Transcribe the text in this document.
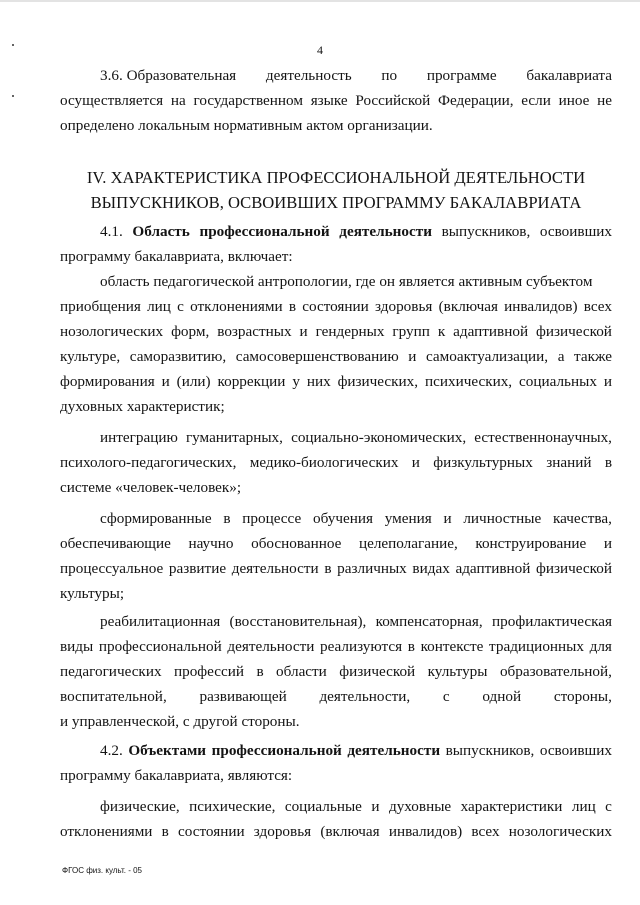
4
3.6. Образовательная деятельность по программе бакалавриата
осуществляется на государственном языке Российской Федерации, если иное не
определено локальным нормативным актом организации.
IV. ХАРАКТЕРИСТИКА ПРОФЕССИОНАЛЬНОЙ ДЕЯТЕЛЬНОСТИ
ВЫПУСКНИКОВ, ОСВОИВШИХ ПРОГРАММУ БАКАЛАВРИАТА
4.1. Область профессиональной деятельности выпускников, освоивших
программу бакалавриата, включает:
область педагогической антропологии, где он является активным субъектом
приобщения лиц с отклонениями в состоянии здоровья (включая инвалидов) всех
нозологических форм, возрастных и гендерных групп к адаптивной физической
культуре, саморазвитию, самосовершенствованию и самоактуализации, а также
формирования и (или) коррекции у них физических, психических, социальных и
духовных характеристик;
интеграцию гуманитарных, социально-экономических, естественнонаучных,
психолого-педагогических, медико-биологических и физкультурных знаний в
системе «человек-человек»;
сформированные в процессе обучения умения и личностные качества,
обеспечивающие научно обоснованное целеполагание, конструирование и
процессуальное развитие деятельности в различных видах адаптивной физической
культуры;
реабилитационная (восстановительная), компенсаторная, профилактическая
виды профессиональной деятельности реализуются в контексте традиционных для
педагогических профессий в области физической культуры образовательной,
воспитательной, развивающей деятельности, с одной стороны,
и управленческой, с другой стороны.
4.2. Объектами профессиональной деятельности выпускников, освоивших
программу бакалавриата, являются:
физические, психические, социальные и духовные характеристики лиц с
отклонениями в состоянии здоровья (включая инвалидов) всех нозологических
ФГОС физ. культ. - 05
